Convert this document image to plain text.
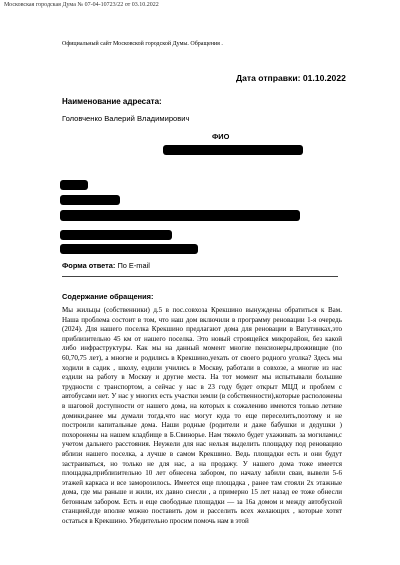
Московская городская Дума № 07-04-10723/22 от 03.10.2022
Официальный сайт Московской городской Думы. Обращения .
Дата отправки: 01.10.2022
Наименование адресата:
Головченко Валерий Владимирович
ФИО
Форма ответа: По E-mail
Содержание обращения:
Мы жильцы (собственники) д.5 в пос.совхоза Крекшино вынуждены обратиться к Вам. Наша проблема состоит в том, что наш дом включили в программу реновации 1-я очередь (2024). Для нашего поселка Крекшино предлагают дома для реновации в Ватутинках,это приблизительно 45 км от нашего поселка. Это новый строящейся микрорайон, без какой либо инфраструктуры. Как мы на данный момент многие пенсионеры,проживщие (по 60,70,75 лет), а многие и родились в Крекшино,уехать от своего родного уголка? Здесь мы ходили в садик , школу, ездили учились в Москву, работали в совхозе, а многие из нас ездили на работу в Москву и другие места. На тот момент мы испытывали большие трудности с транспортом, а сейчас у нас в 23 году будет открыт МЦД и проблем с автобусами нет. У нас у многих есть участки земли (в собственности),которые расположены в шаговой доступности от нашего дома, на которых к сожалению имеются только летние домики,ранее мы думали тогда,что нас могут куда то еще переселить,поэтому и не построили капитальные дома. Наши родные (родители и даже бабушки и дедушки ) похоронены на нашем кладбище в Б.Свинорье. Нам тяжело будет ухаживать за могилами,с учетом дальнего расстояния. Неужели для нас нельзя выделить площадку под реновацию вблизи нашего поселка, а лучше в самом Крекшино. Ведь площадки есть и они будут застраиваться, но только не для нас, а на продажу. У нашего дома тоже имеется площадка,приблизительно 10 лет обнесена забором, по началу забили сваи, вывели 5-6 этажей каркаса и все заморозилось. Имеется еще площадка , ранее там стояли 2х этажные дома, где мы раньше и жили, их давно снесли , а примерно 15 лет назад ее тоже обнесли бетонным забором. Есть и еще свободные площадки — за 16а домом и между автобусной станцией,где вполне можно поставить дом и расселить всех желающих , которые хотят остаться в Крекшино. Убедительно просим помочь нам в этой
